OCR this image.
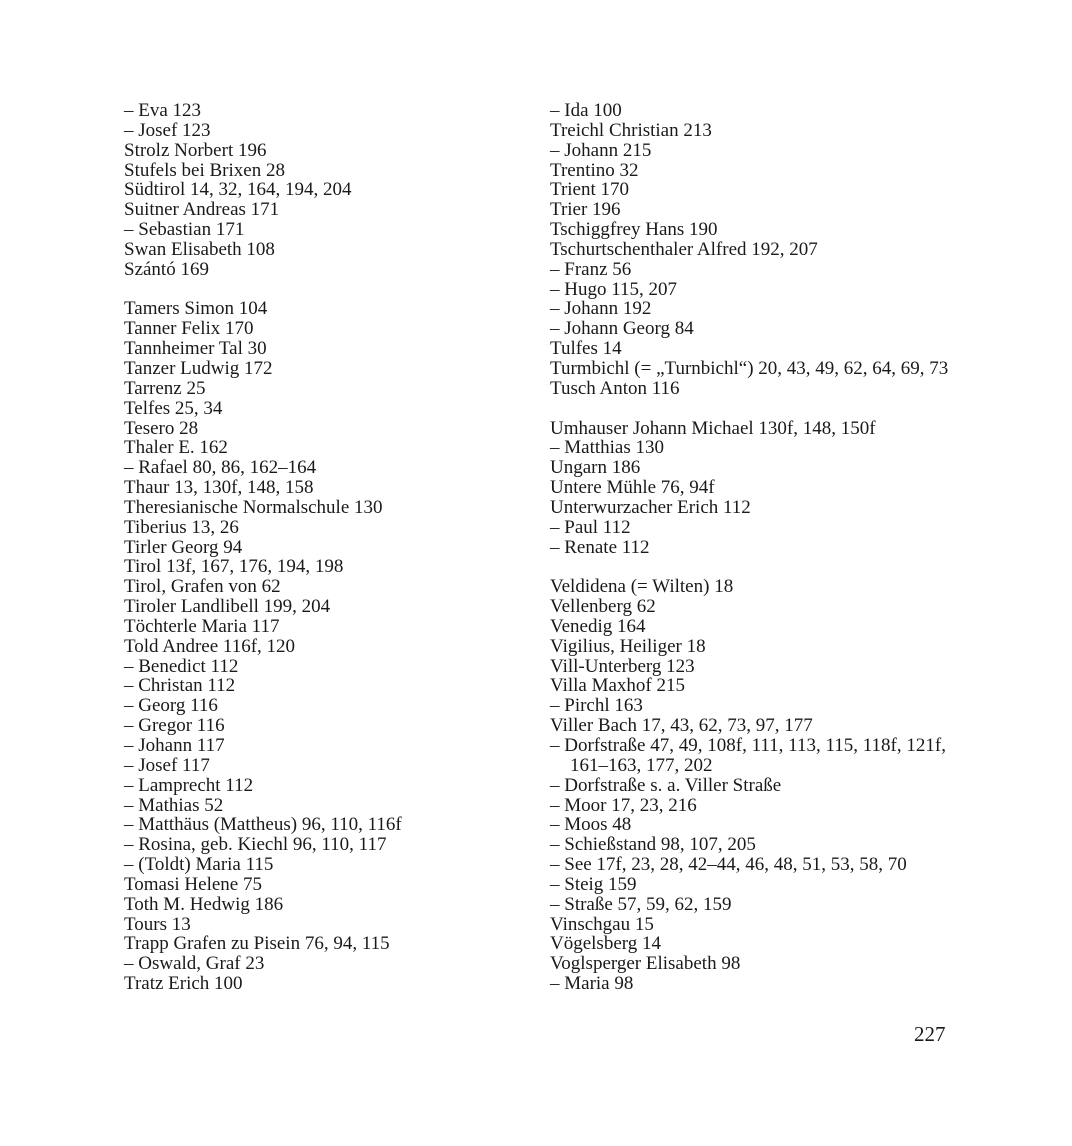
– Eva 123
– Josef 123
Strolz Norbert 196
Stufels bei Brixen 28
Südtirol 14, 32, 164, 194, 204
Suitner Andreas 171
– Sebastian 171
Swan Elisabeth 108
Szántó 169
Tamers Simon 104
Tanner Felix 170
Tannheimer Tal 30
Tanzer Ludwig 172
Tarrenz 25
Telfes 25, 34
Tesero 28
Thaler E. 162
– Rafael 80, 86, 162–164
Thaur 13, 130f, 148, 158
Theresianische Normalschule 130
Tiberius 13, 26
Tirler Georg 94
Tirol 13f, 167, 176, 194, 198
Tirol, Grafen von 62
Tiroler Landlibell 199, 204
Töchterle Maria 117
Told Andree 116f, 120
– Benedict 112
– Christan 112
– Georg 116
– Gregor 116
– Johann 117
– Josef 117
– Lamprecht 112
– Mathias 52
– Matthäus (Mattheus) 96, 110, 116f
– Rosina, geb. Kiechl 96, 110, 117
– (Toldt) Maria 115
Tomasi Helene 75
Toth M. Hedwig 186
Tours 13
Trapp Grafen zu Pisein 76, 94, 115
– Oswald, Graf 23
Tratz Erich 100
– Ida 100
Treichl Christian 213
– Johann 215
Trentino 32
Trient 170
Trier 196
Tschiggfrey Hans 190
Tschurtschenthaler Alfred 192, 207
– Franz 56
– Hugo 115, 207
– Johann 192
– Johann Georg 84
Tulfes 14
Turmbichl (= „Turnbichl“) 20, 43, 49, 62, 64, 69, 73
Tusch Anton 116
Umhauser Johann Michael 130f, 148, 150f
– Matthias 130
Ungarn 186
Untere Mühle 76, 94f
Unterwurzacher Erich 112
– Paul 112
– Renate 112
Veldidena (= Wilten) 18
Vellenberg 62
Venedig 164
Vigilius, Heiliger 18
Vill-Unterberg 123
Villa Maxhof 215
– Pirchl 163
Viller Bach 17, 43, 62, 73, 97, 177
– Dorfstraße 47, 49, 108f, 111, 113, 115, 118f, 121f, 161–163, 177, 202
– Dorfstraße s. a. Viller Straße
– Moor 17, 23, 216
– Moos 48
– Schießstand 98, 107, 205
– See 17f, 23, 28, 42–44, 46, 48, 51, 53, 58, 70
– Steig 159
– Straße 57, 59, 62, 159
Vinschgau 15
Vögelsberg 14
Voglsperger Elisabeth 98
– Maria 98
227
